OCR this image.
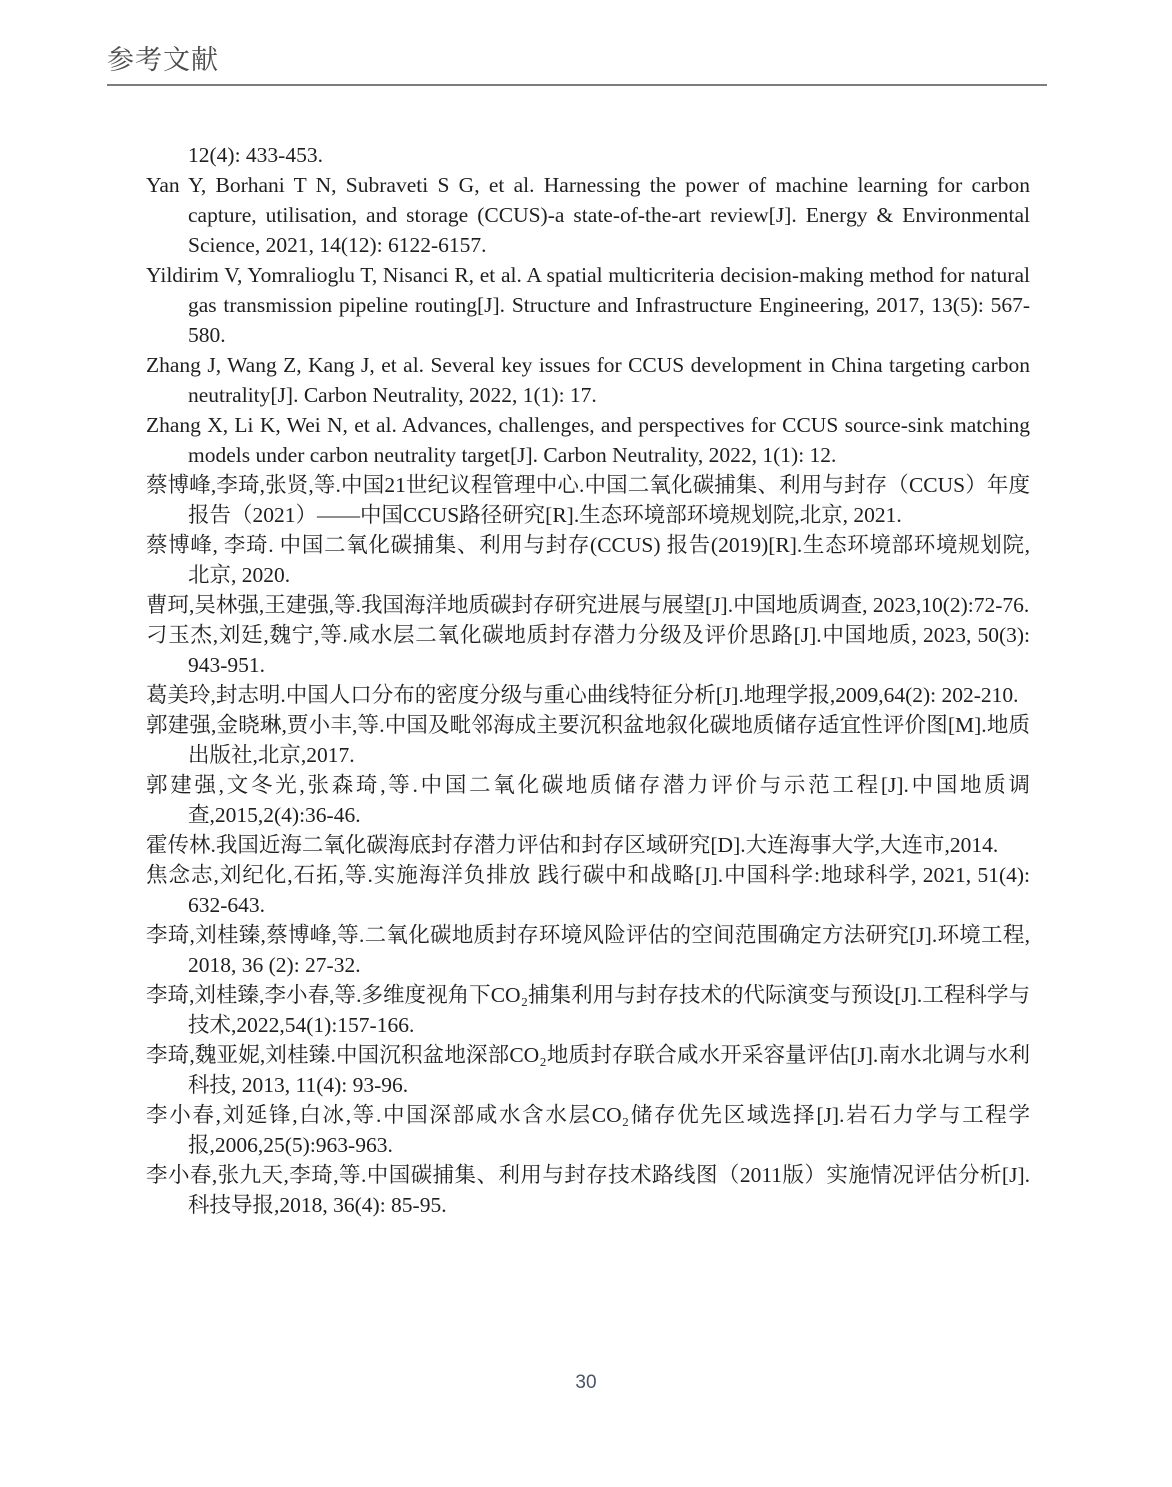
参考文献

12(4): 433-453.

Yan Y, Borhani T N, Subraveti S G, et al. Harnessing the power of machine learning for carbon capture, utilisation, and storage (CCUS)-a state-of-the-art review[J]. Energy & Environmental Science, 2021, 14(12): 6122-6157.

Yildirim V, Yomralioglu T, Nisanci R, et al. A spatial multicriteria decision-making method for natural gas transmission pipeline routing[J]. Structure and Infrastructure Engineering, 2017, 13(5): 567-580.

Zhang J, Wang Z, Kang J, et al. Several key issues for CCUS development in China targeting carbon neutrality[J]. Carbon Neutrality, 2022, 1(1): 17.

Zhang X, Li K, Wei N, et al. Advances, challenges, and perspectives for CCUS source-sink matching models under carbon neutrality target[J]. Carbon Neutrality, 2022, 1(1): 12.

蔡博峰,李琦,张贤,等.中国21世纪议程管理中心.中国二氧化碳捕集、利用与封存（CCUS）年度报告（2021）——中国CCUS路径研究[R].生态环境部环境规划院,北京, 2021.

蔡博峰, 李琦. 中国二氧化碳捕集、利用与封存(CCUS) 报告(2019)[R].生态环境部环境规划院, 北京, 2020.

曹珂,吴林强,王建强,等.我国海洋地质碳封存研究进展与展望[J].中国地质调查, 2023,10(2):72-76.

刁玉杰,刘廷,魏宁,等.咸水层二氧化碳地质封存潜力分级及评价思路[J].中国地质, 2023, 50(3): 943-951.

葛美玲,封志明.中国人口分布的密度分级与重心曲线特征分析[J].地理学报,2009,64(2): 202-210.

郭建强,金晓琳,贾小丰,等.中国及毗邻海成主要沉积盆地叙化碳地质储存适宜性评价图[M].地质出版社,北京,2017.

郭建强,文冬光,张森琦,等.中国二氧化碳地质储存潜力评价与示范工程[J].中国地质调查,2015,2(4):36-46.

霍传林.我国近海二氧化碳海底封存潜力评估和封存区域研究[D].大连海事大学,大连市,2014.

焦念志,刘纪化,石拓,等.实施海洋负排放 践行碳中和战略[J].中国科学:地球科学, 2021, 51(4): 632-643.

李琦,刘桂臻,蔡博峰,等.二氧化碳地质封存环境风险评估的空间范围确定方法研究[J].环境工程, 2018, 36 (2): 27-32.

李琦,刘桂臻,李小春,等.多维度视角下CO₂捕集利用与封存技术的代际演变与预设[J].工程科学与技术,2022,54(1):157-166.

李琦,魏亚妮,刘桂臻.中国沉积盆地深部CO₂地质封存联合咸水开采容量评估[J].南水北调与水利科技, 2013, 11(4): 93-96.

李小春,刘延锋,白冰,等.中国深部咸水含水层CO₂储存优先区域选择[J].岩石力学与工程学报,2006,25(5):963-963.

李小春,张九天,李琦,等.中国碳捕集、利用与封存技术路线图（2011版）实施情况评估分析[J].科技导报,2018, 36(4): 85-95.

30
